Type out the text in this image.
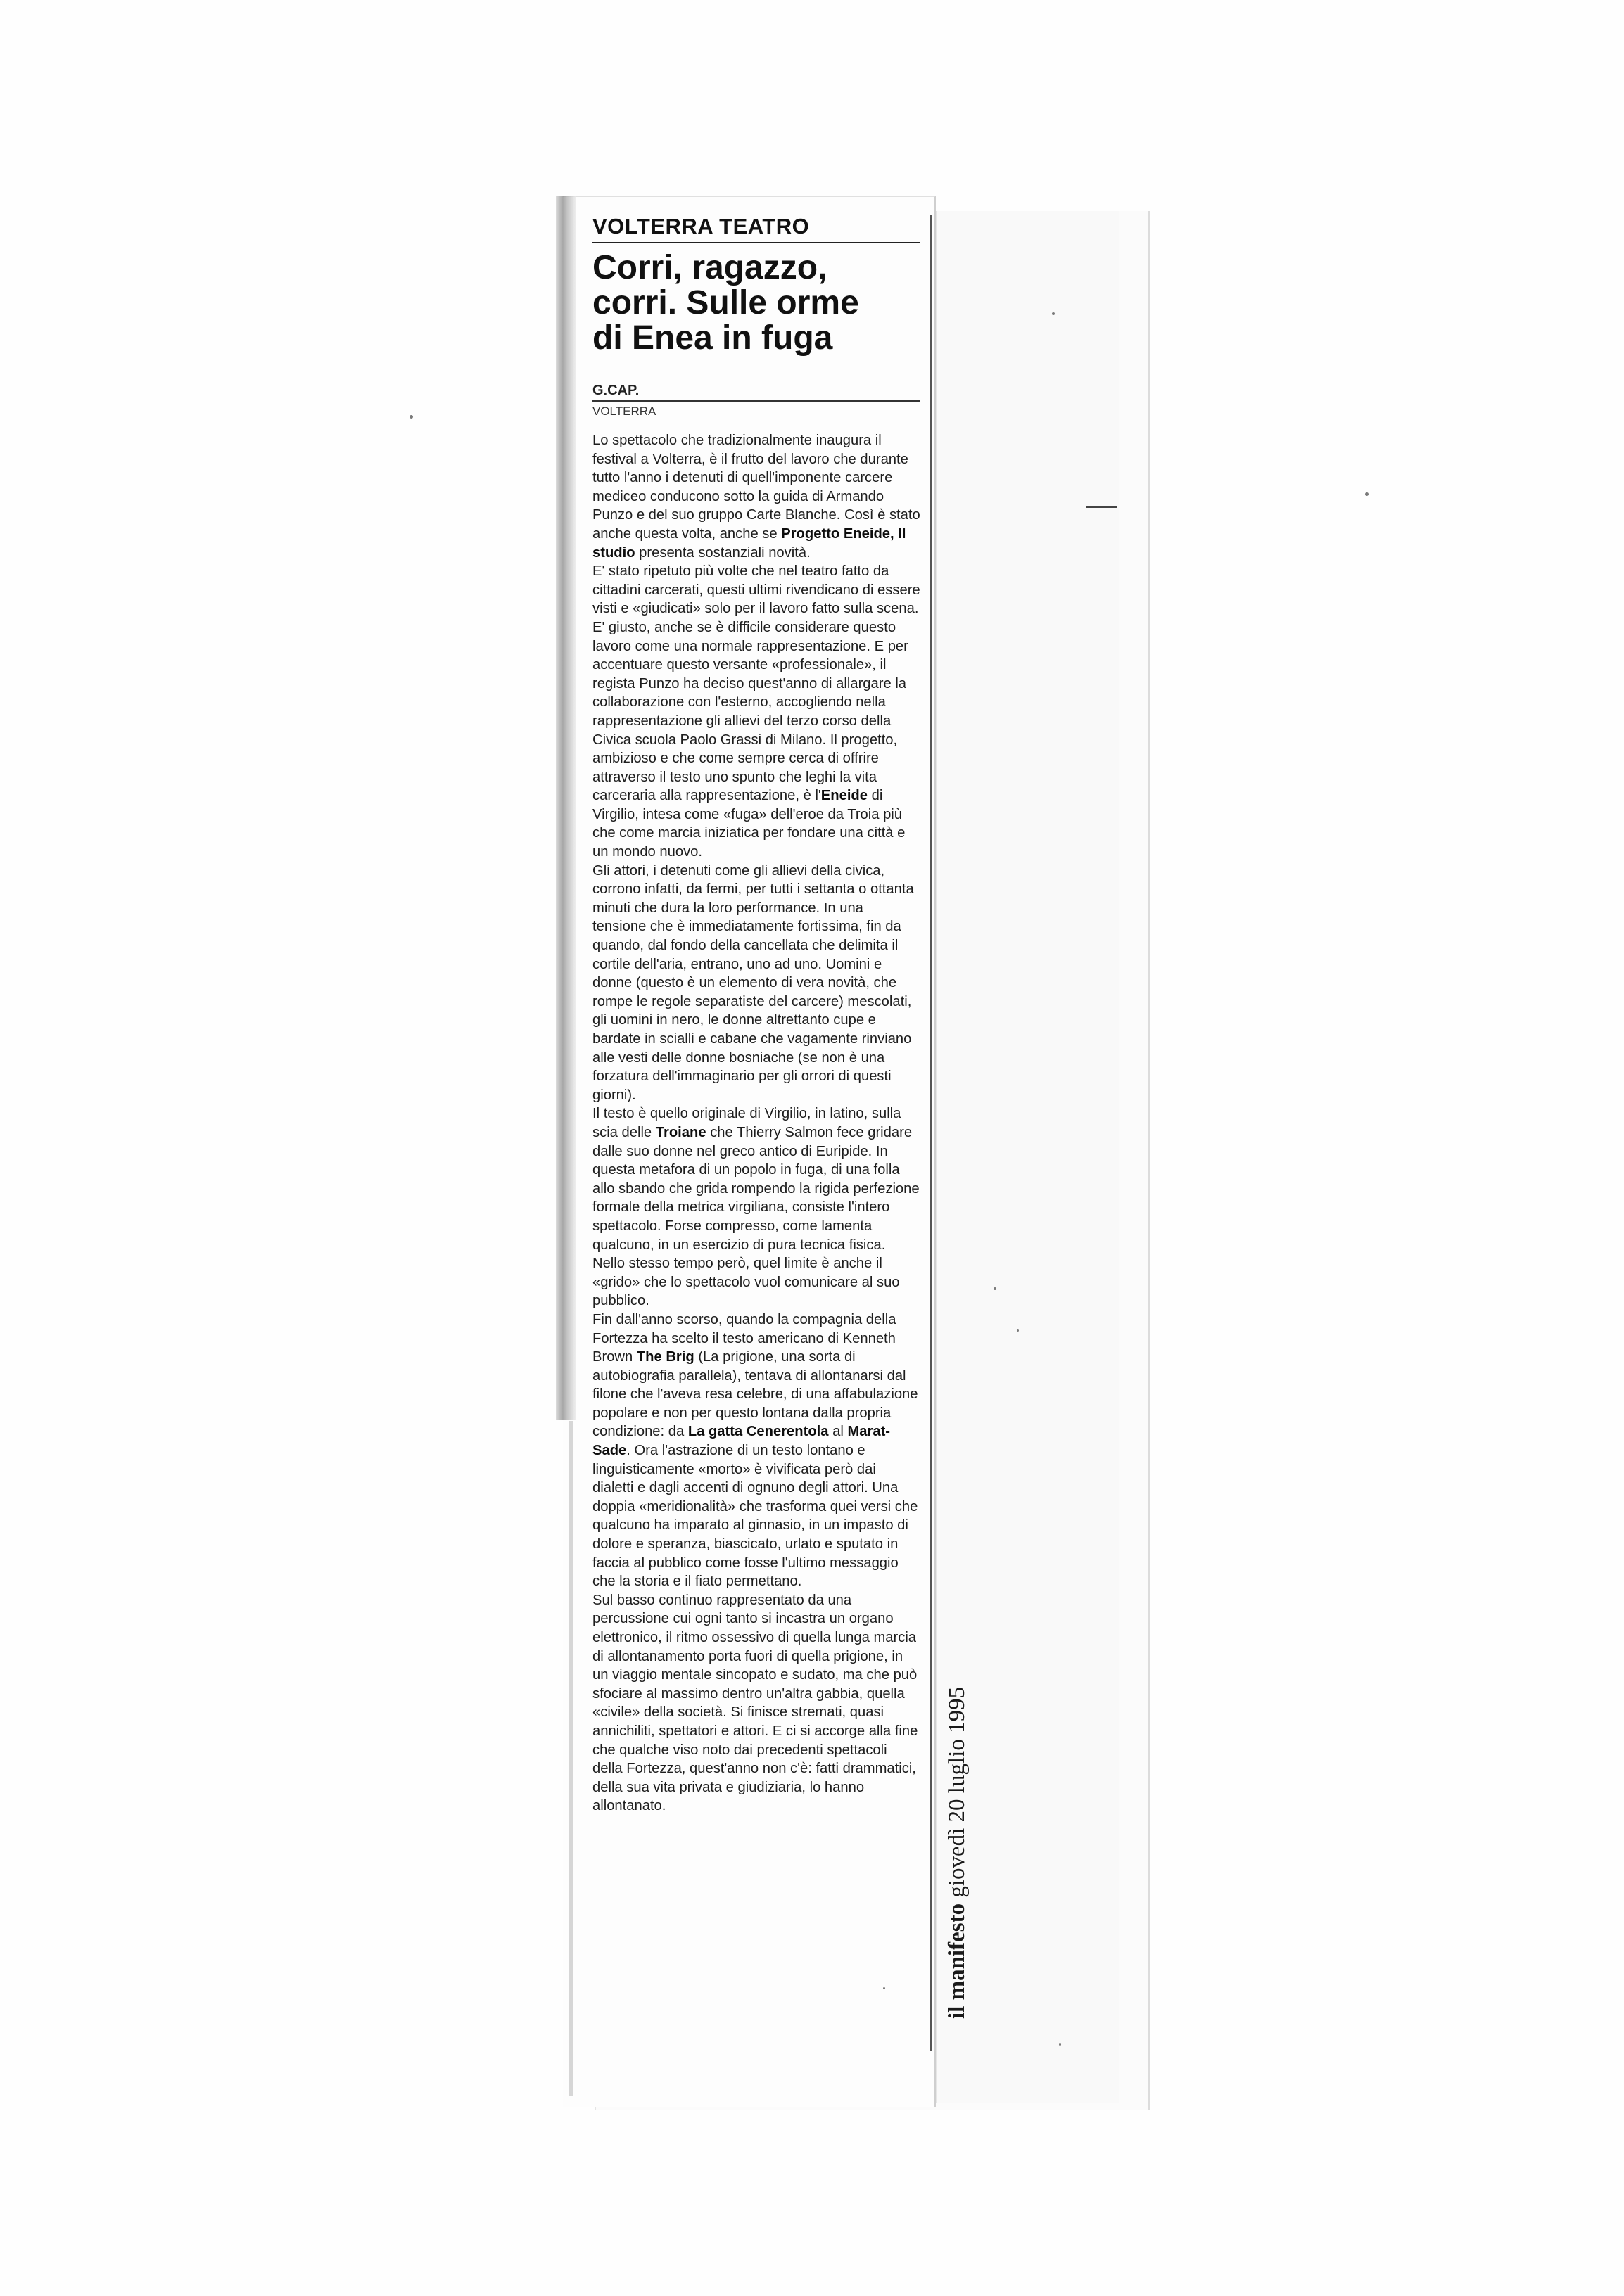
VOLTERRA TEATRO
Corri, ragazzo,
corri. Sulle orme
di Enea in fuga
G.CAP.
VOLTERRA

Lo spettacolo che tradizionalmente inaugura il festival a Volterra, è il frutto del lavoro che durante tutto l'anno i detenuti di quell'imponente carcere mediceo conducono sotto la guida di Armando Punzo e del suo gruppo Carte Blanche. Così è stato anche questa volta, anche se Progetto Eneide, Il studio presenta sostanziali novità.

E' stato ripetuto più volte che nel teatro fatto da cittadini carcerati, questi ultimi rivendicano di essere visti e «giudicati» solo per il lavoro fatto sulla scena. E' giusto, anche se è difficile considerare questo lavoro come una normale rappresentazione. E per accentuare questo versante «professionale», il regista Punzo ha deciso quest'anno di allargare la collaborazione con l'esterno, accogliendo nella rappresentazione gli allievi del terzo corso della Civica scuola Paolo Grassi di Milano. Il progetto, ambizioso e che come sempre cerca di offrire attraverso il testo uno spunto che leghi la vita carceraria alla rappresentazione, è l'Eneide di Virgilio, intesa come «fuga» dell'eroe da Troia più che come marcia iniziatica per fondare una città e un mondo nuovo.

Gli attori, i detenuti come gli allievi della civica, corrono infatti, da fermi, per tutti i settanta o ottanta minuti che dura la loro performance. In una tensione che è immediatamente fortissima, fin da quando, dal fondo della cancellata che delimita il cortile dell'aria, entrano, uno ad uno. Uomini e donne (questo è un elemento di vera novità, che rompe le regole separatiste del carcere) mescolati, gli uomini in nero, le donne altrettanto cupe e bardate in scialli e cabane che vagamente rinviano alle vesti delle donne bosniache (se non è una forzatura dell'immaginario per gli orrori di questi giorni).

Il testo è quello originale di Virgilio, in latino, sulla scia delle Troiane che Thierry Salmon fece gridare dalle suo donne nel greco antico di Euripide. In questa metafora di un popolo in fuga, di una folla allo sbando che grida rompendo la rigida perfezione formale della metrica virgiliana, consiste l'intero spettacolo. Forse compresso, come lamenta qualcuno, in un esercizio di pura tecnica fisica. Nello stesso tempo però, quel limite è anche il «grido» che lo spettacolo vuol comunicare al suo pubblico.

Fin dall'anno scorso, quando la compagnia della Fortezza ha scelto il testo americano di Kenneth Brown The Brig (La prigione, una sorta di autobiografia parallela), tentava di allontanarsi dal filone che l'aveva resa celebre, di una affabulazione popolare e non per questo lontana dalla propria condizione: da La gatta Cenerentola al Marat-Sade. Ora l'astrazione di un testo lontano e linguisticamente «morto» è vivificata però dai dialetti e dagli accenti di ognuno degli attori. Una doppia «meridionalità» che trasforma quei versi che qualcuno ha imparato al ginnasio, in un impasto di dolore e speranza, biascicato, urlato e sputato in faccia al pubblico come fosse l'ultimo messaggio che la storia e il fiato permettano.

Sul basso continuo rappresentato da una percussione cui ogni tanto si incastra un organo elettronico, il ritmo ossessivo di quella lunga marcia di allontanamento porta fuori di quella prigione, in un viaggio mentale sincopato e sudato, ma che può sfociare al massimo dentro un'altra gabbia, quella «civile» della società. Si finisce stremati, quasi annichiliti, spettatori e attori. E ci si accorge alla fine che qualche viso noto dai precedenti spettacoli della Fortezza, quest'anno non c'è: fatti drammatici, della sua vita privata e giudiziaria, lo hanno allontanato.

il manifesto giovedì 20 luglio 1995
